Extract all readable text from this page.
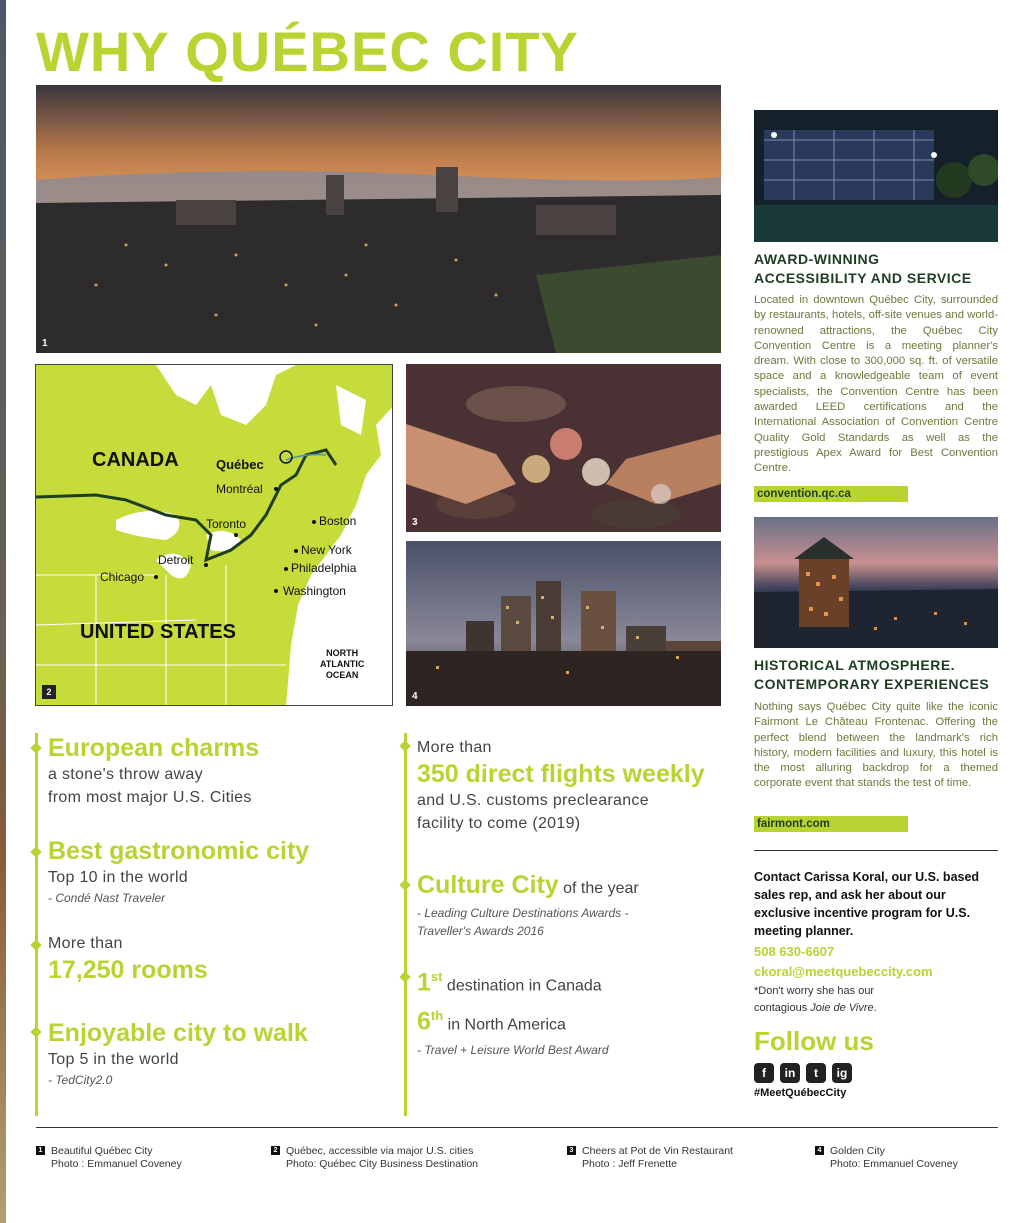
WHY QUÉBEC CITY
1
CANADA	Québec
Montréal
Toronto	Boston
New York
Philadelphia
Washington
Detroit
Chicago
UNITED STATES
NORTH
ATLANTIC
OCEAN
2
3
4
AWARD-WINNING
ACCESSIBILITY AND SERVICE

Located in downtown Québec City, surrounded by restaurants, hotels, off-site venues and world-renowned attractions, the Québec City Convention Centre is a meeting planner's dream. With close to 300,000 sq. ft. of versatile space and a knowledgeable team of event specialists, the Convention Centre has been awarded LEED certifications and the International Association of Convention Centre Quality Gold Standards as well as the prestigious Apex Award for Best Convention Centre.

convention.qc.ca
HISTORICAL ATMOSPHERE.
CONTEMPORARY EXPERIENCES

Nothing says Québec City quite like the iconic Fairmont Le Château Frontenac. Offering the perfect blend between the landmark's rich history, modern facilities and luxury, this hotel is the most alluring backdrop for a themed corporate event that stands the test of time.

fairmont.com

Contact Carissa Koral, our U.S. based sales rep, and ask her about our exclusive incentive program for U.S. meeting planner.

508 630-6607
ckoral@meetquebeccity.com
*Don't worry she has our
contagious Joie de Vivre.
Follow us
f	in	t	ig
#MeetQuébecCity
European charms
a stone's throw away
from most major U.S. Cities
Best gastronomic city
Top 10 in the world
- Condé Nast Traveler
More than
17,250 rooms
Enjoyable city to walk
Top 5 in the world
- TedCity2.0
More than
350 direct flights weekly
and U.S. customs preclearance
facility to come (2019)
Culture City of the year
- Leading Culture Destinations Awards -
Traveller's Awards 2016
1st destination in Canada
6th in North America
- Travel + Leisure World Best Award
1 Beautiful Québec City
Photo : Emmanuel Coveney
2 Québec, accessible via major U.S. cities
Photo: Québec City Business Destination
3 Cheers at Pot de Vin Restaurant
Photo : Jeff Frenette
4 Golden City
Photo: Emmanuel Coveney
